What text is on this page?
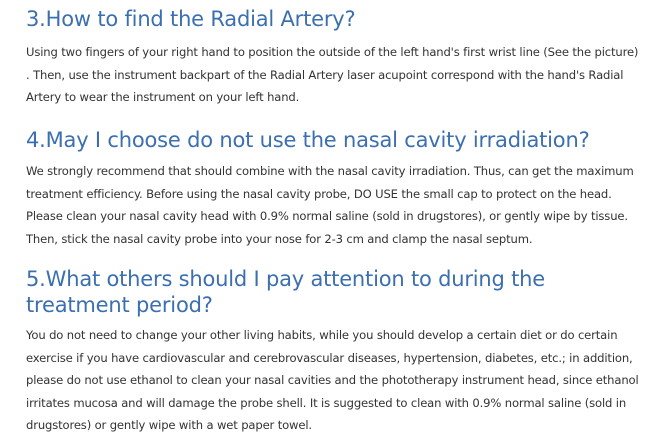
3.How to find the Radial Artery?

Using two fingers of your right hand to position the outside of the left hand's first wrist line (See the picture) . Then, use the instrument backpart of the Radial Artery laser acupoint correspond with the hand's Radial Artery to wear the instrument on your left hand.

4.May I choose do not use the nasal cavity irradiation?

We strongly recommend that should combine with the nasal cavity irradiation. Thus, can get the maximum treatment efficiency. Before using the nasal cavity probe, DO USE the small cap to protect on the head. Please clean your nasal cavity head with 0.9% normal saline (sold in drugstores), or gently wipe by tissue. Then, stick the nasal cavity probe into your nose for 2-3 cm and clamp the nasal septum.

5.What others should I pay attention to during the treatment period?

You do not need to change your other living habits, while you should develop a certain diet or do certain exercise if you have cardiovascular and cerebrovascular diseases, hypertension, diabetes, etc.; in addition, please do not use ethanol to clean your nasal cavities and the phototherapy instrument head, since ethanol irritates mucosa and will damage the probe shell. It is suggested to clean with 0.9% normal saline (sold in drugstores) or gently wipe with a wet paper towel.
